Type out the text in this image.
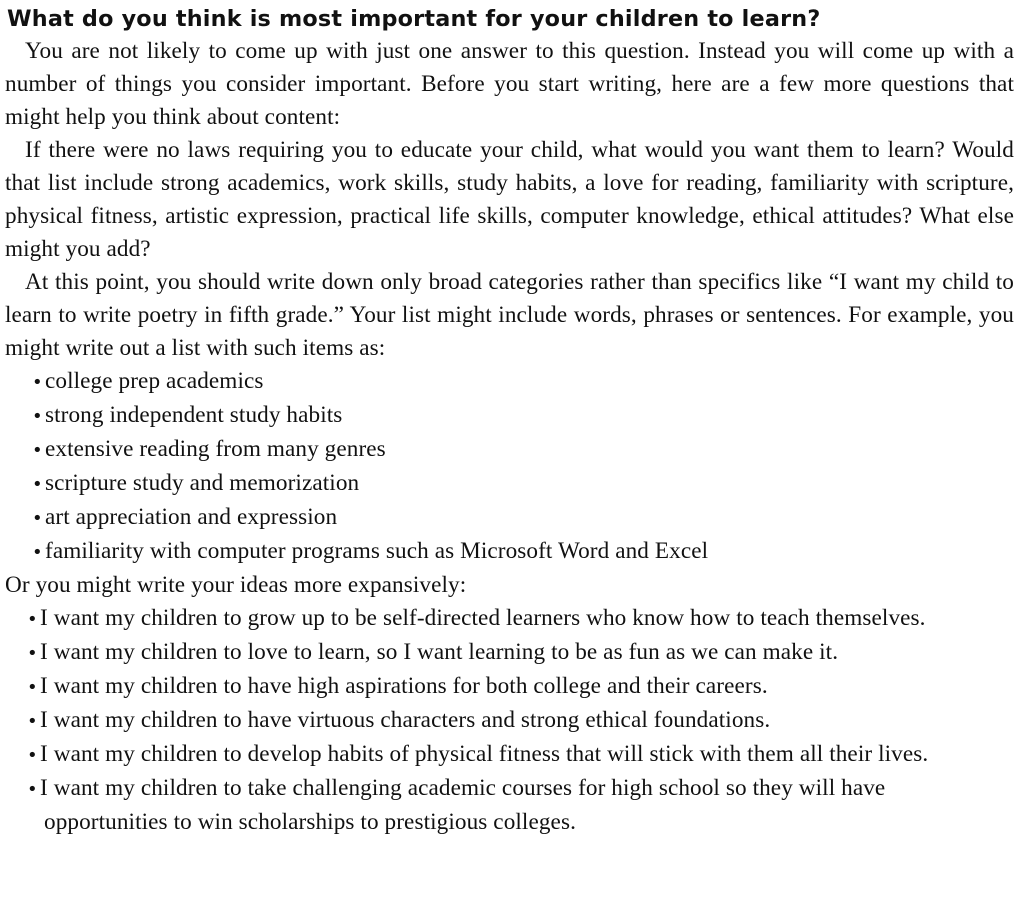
What do you think is most important for your children to learn?

You are not likely to come up with just one answer to this question. Instead you will come up with a number of things you consider important. Before you start writing, here are a few more questions that might help you think about content:

If there were no laws requiring you to educate your child, what would you want them to learn? Would that list include strong academics, work skills, study habits, a love for reading, familiarity with scripture, physical fitness, artistic expression, practical life skills, computer knowledge, ethical attitudes? What else might you add?

At this point, you should write down only broad categories rather than specifics like “I want my child to learn to write poetry in fifth grade.” Your list might include words, phrases or sentences. For example, you might write out a list with such items as:

•college prep academics
•strong independent study habits
•extensive reading from many genres
•scripture study and memorization
•art appreciation and expression
•familiarity with computer programs such as Microsoft Word and Excel

Or you might write your ideas more expansively:

•I want my children to grow up to be self-directed learners who know how to teach themselves.
•I want my children to love to learn, so I want learning to be as fun as we can make it.
•I want my children to have high aspirations for both college and their careers.
•I want my children to have virtuous characters and strong ethical foundations.
•I want my children to develop habits of physical fitness that will stick with them all their lives.
•I want my children to take challenging academic courses for high school so they will have opportunities to win scholarships to prestigious colleges.
